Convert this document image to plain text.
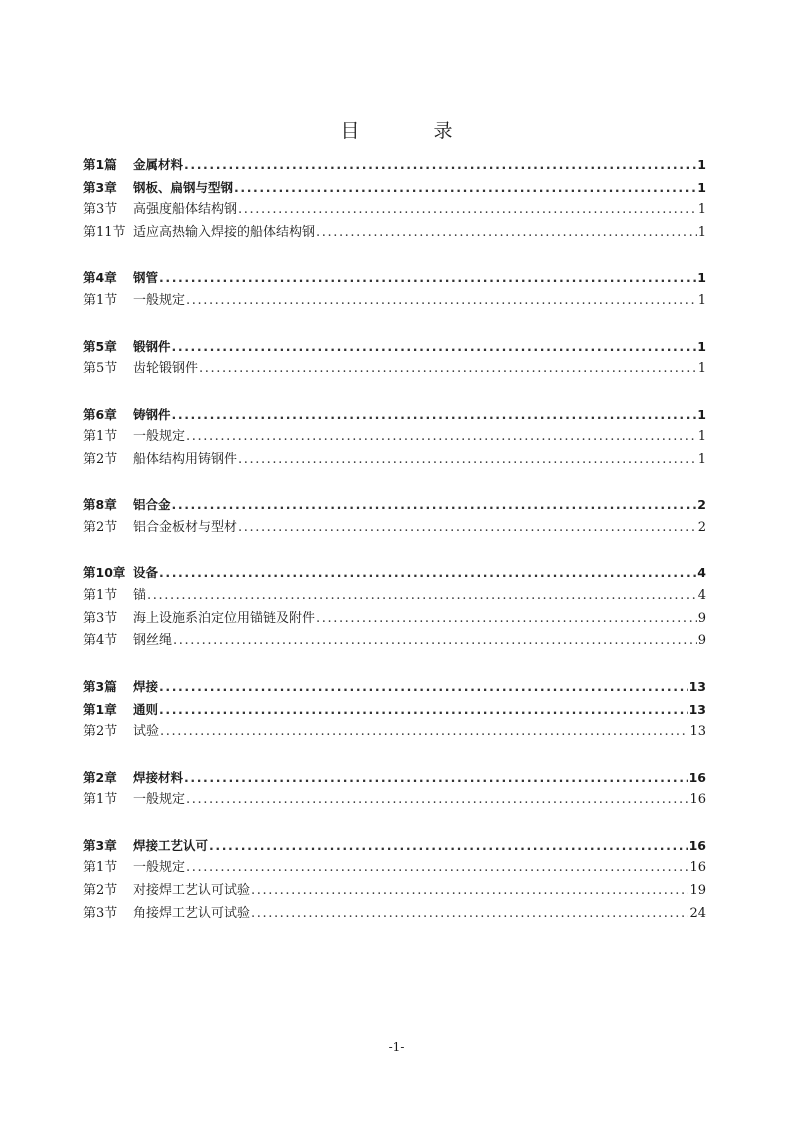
目 录
第1篇	金属材料 .....	1
第3章	钢板、扁钢与型钢 .....	1
第3节	高强度船体结构钢 .....	1
第11节 适应高热输入焊接的船体结构钢 .....	1
第4章	钢管 .....	1
第1节	一般规定 .....	1
第5章	锻钢件 .....	1
第5节	齿轮锻钢件 .....	1
第6章	铸钢件 .....	1
第1节	一般规定 .....	1
第2节	船体结构用铸钢件 .....	1
第8章	铝合金 .....	2
第2节	铝合金板材与型材 .....	2
第10章 设备 .....	4
第1节	锚 .....	4
第3节	海上设施系泊定位用锚链及附件 .....	9
第4节	钢丝绳 .....	9
第3篇	焊接 .....	13
第1章	通则 .....	13
第2节	试验 .....	13
第2章	焊接材料 .....	16
第1节	一般规定 .....	16
第3章	焊接工艺认可 .....	16
第1节	一般规定 .....	16
第2节	对接焊工艺认可试验 .....	19
第3节	角接焊工艺认可试验 .....	24
-1-
